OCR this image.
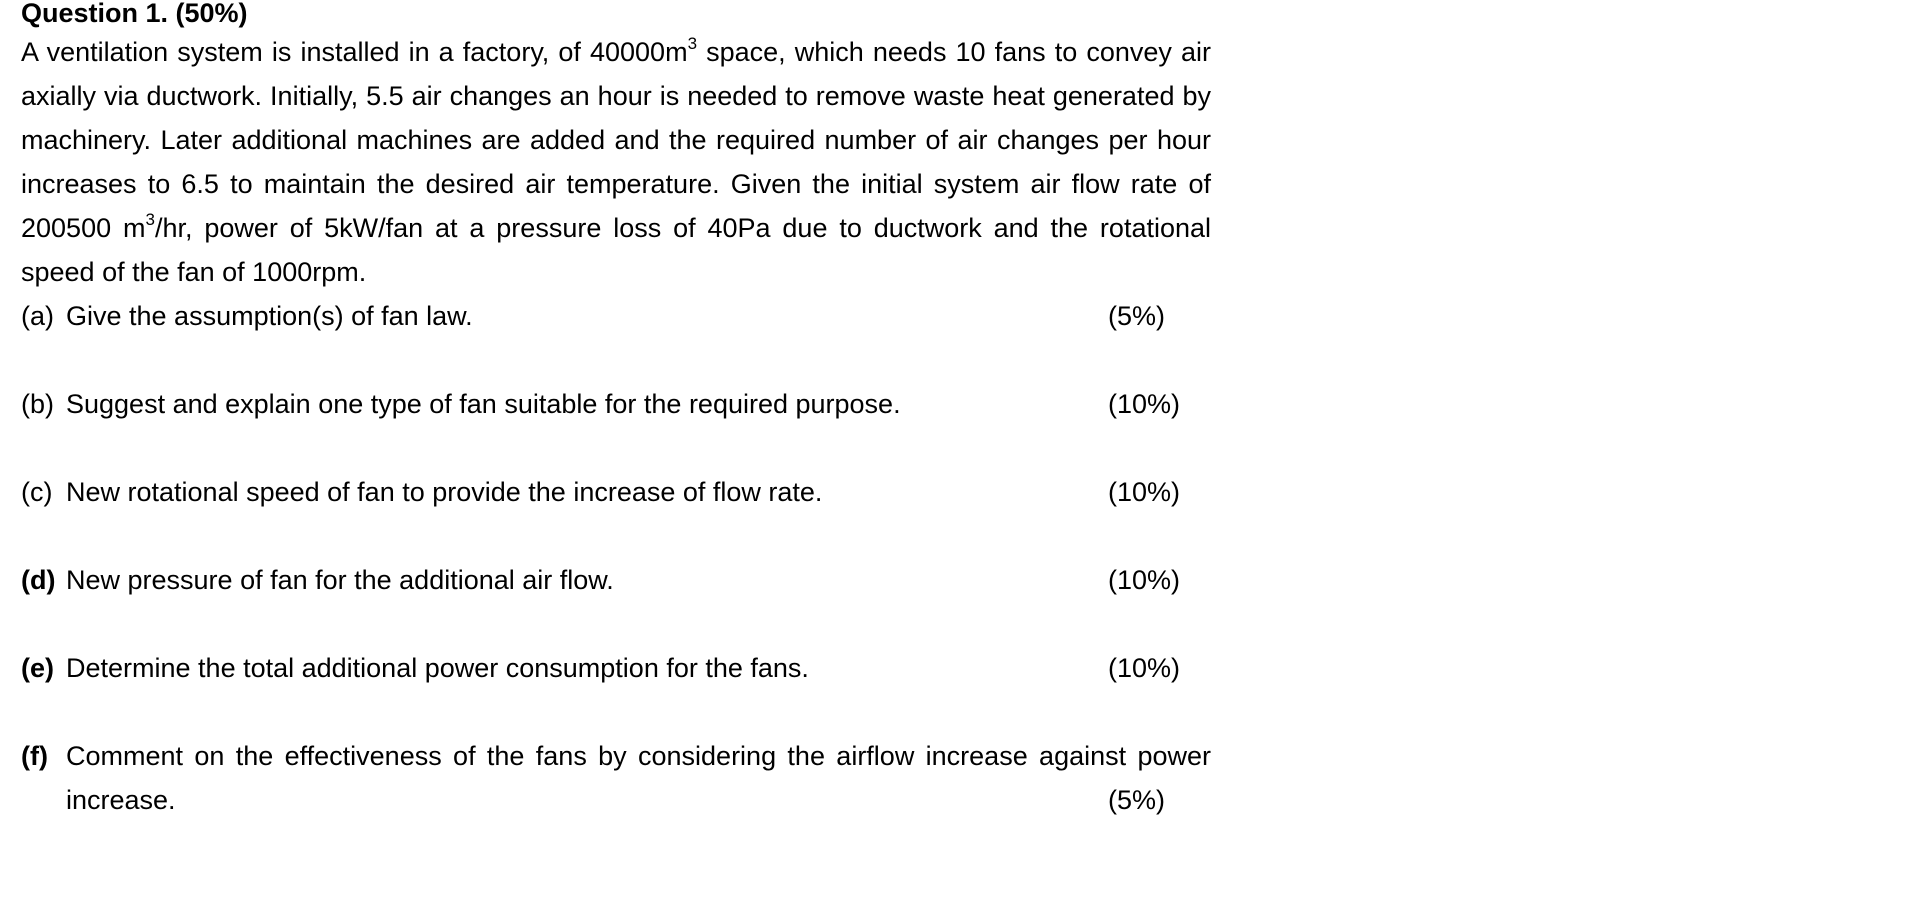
Question 1. (50%)

A ventilation system is installed in a factory, of $40000m^3$ space, which needs 10 fans to convey air axially via ductwork. Initially, 5.5 air changes an hour is needed to remove waste heat generated by machinery. Later additional machines are added and the required number of air changes per hour increases to 6.5 to maintain the desired air temperature. Given the initial system air flow rate of 200500 $m^3/hr$, power of 5kW/fan at a pressure loss of 40Pa due to ductwork and the rotational speed of the fan of 1000rpm.

(a) Give the assumption(s) of fan law.	(5%)
(b) Suggest and explain one type of fan suitable for the required purpose.	(10%)
(c) New rotational speed of fan to provide the increase of flow rate.	(10%)
(d) New pressure of fan for the additional air flow.	(10%)
(e) Determine the total additional power consumption for the fans.	(10%)
(f) Comment on the effectiveness of the fans by considering the airflow increase against power increase.	(5%)
